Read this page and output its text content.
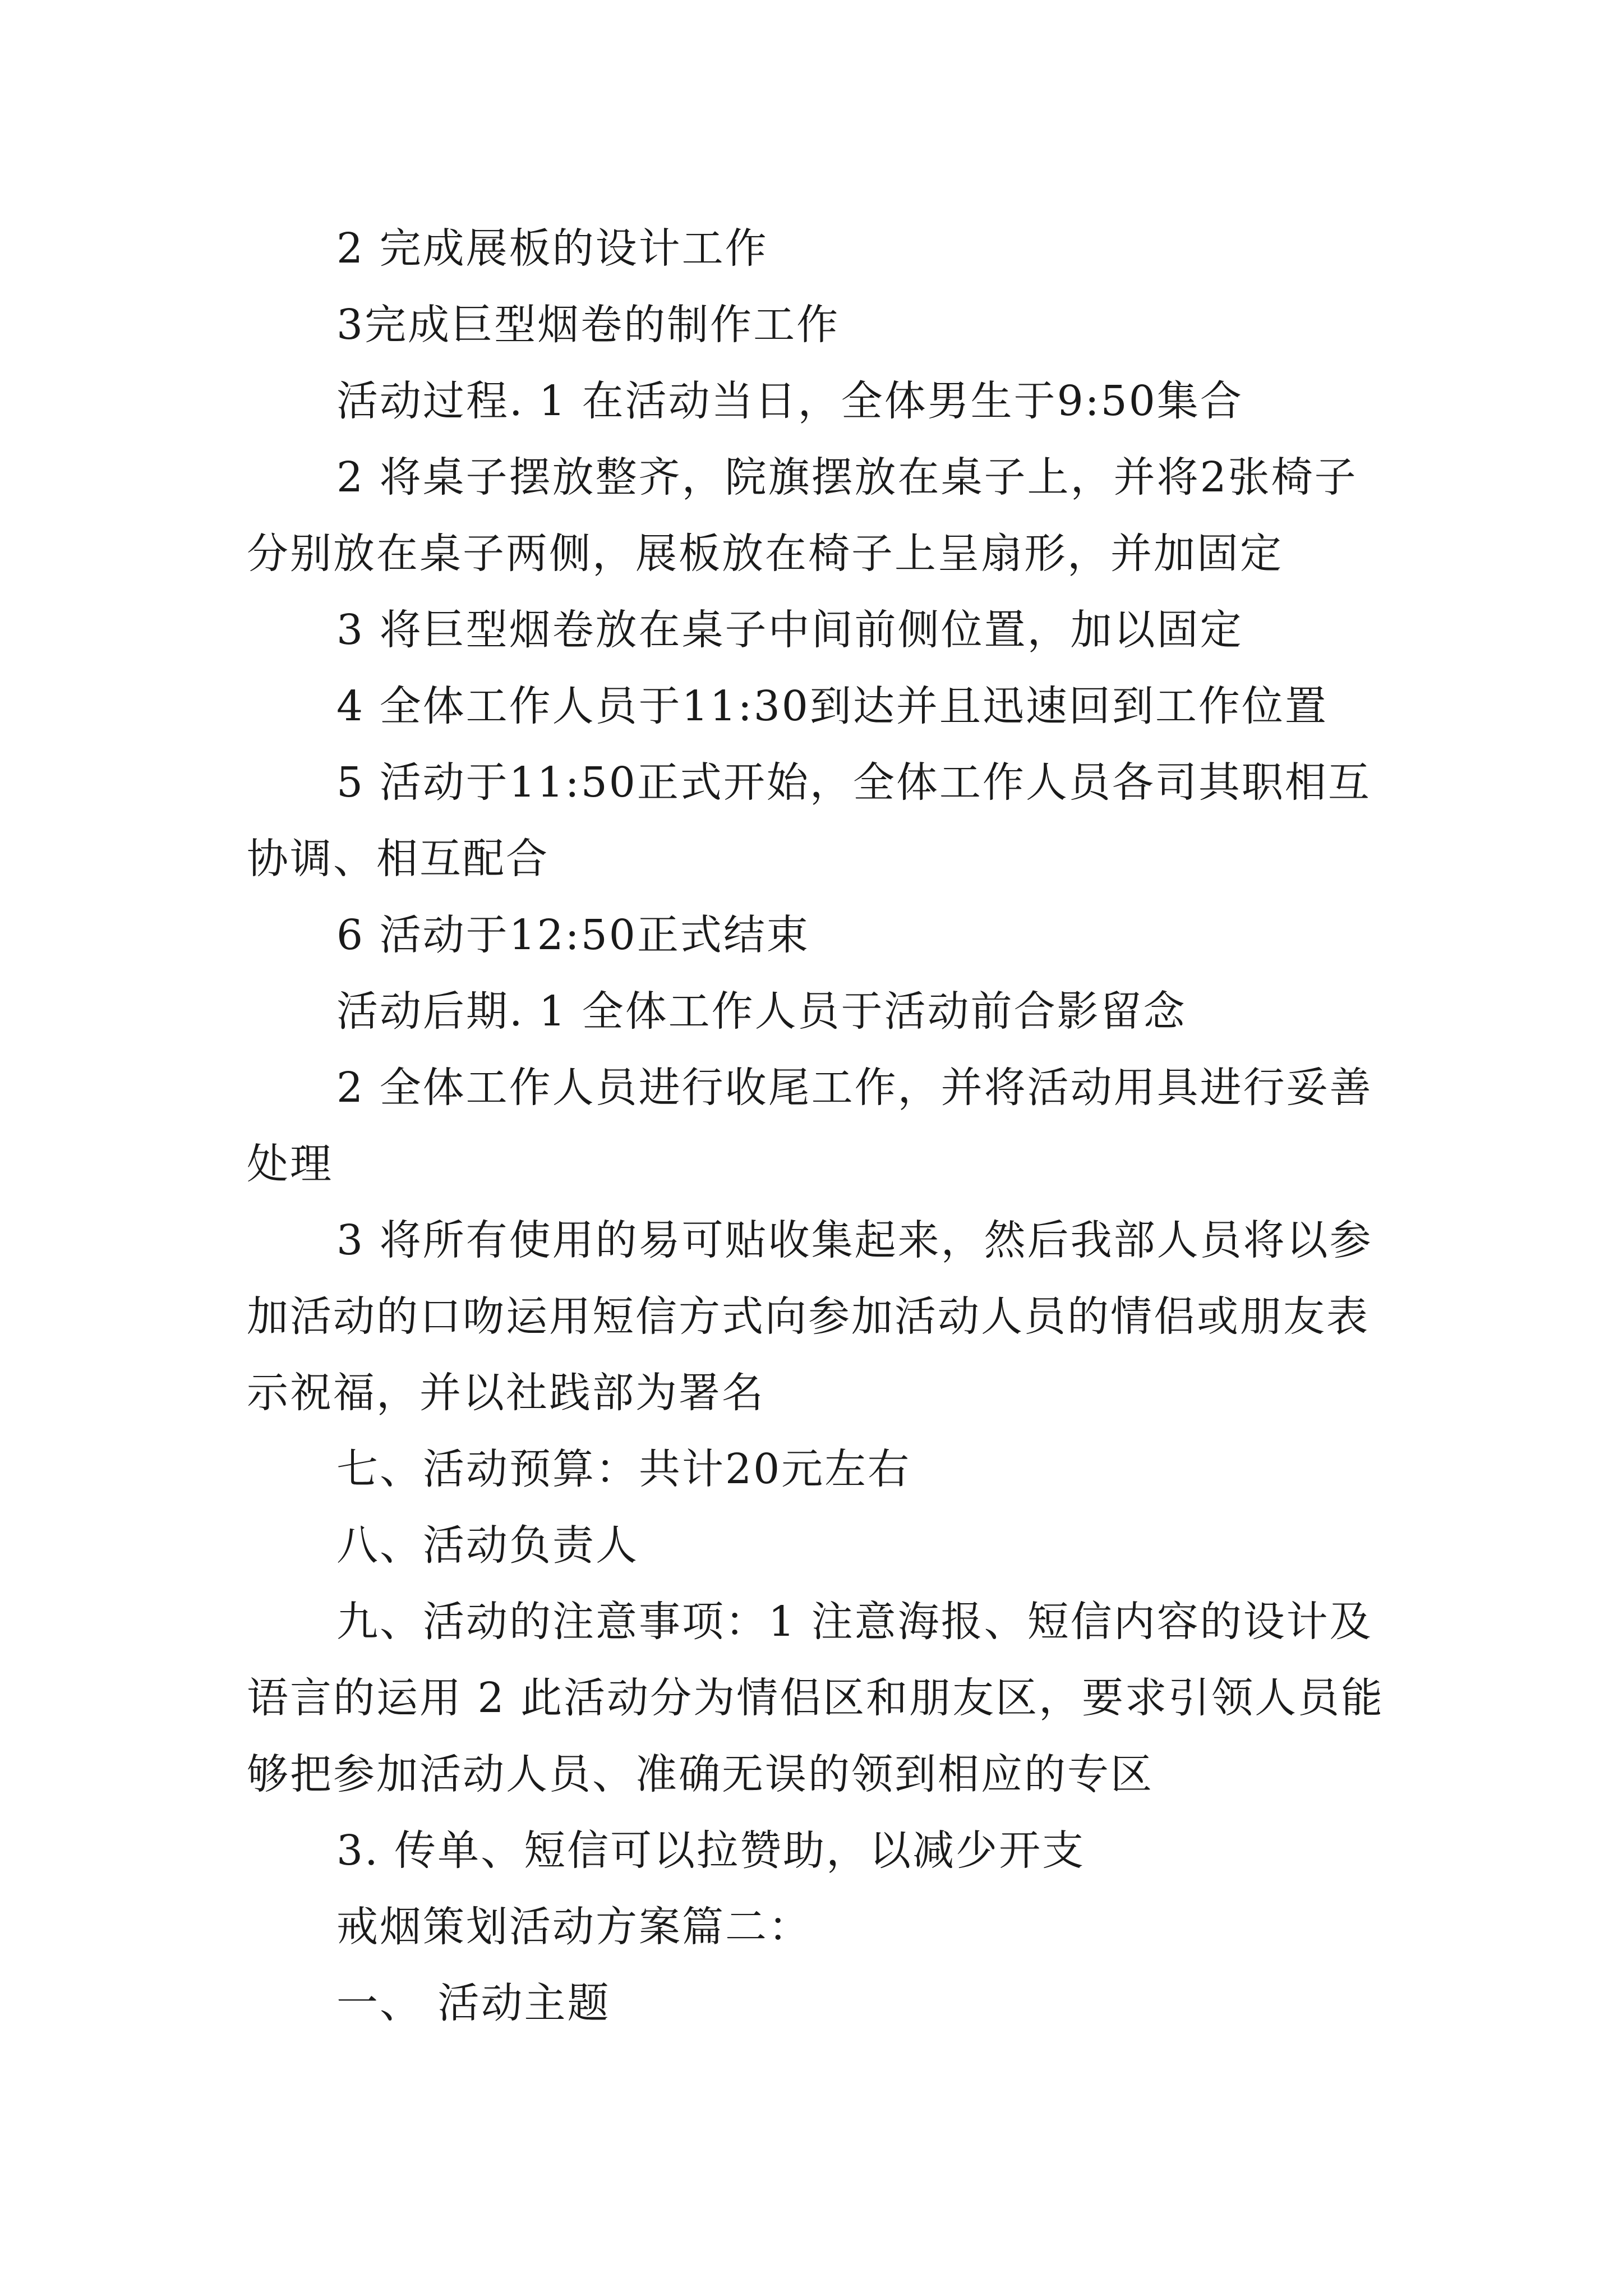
2 完成展板的设计工作

3完成巨型烟卷的制作工作

活动过程. 1 在活动当日，全体男生于9:50集合

2 将桌子摆放整齐，院旗摆放在桌子上，并将2张椅子分别放在桌子两侧，展板放在椅子上呈扇形，并加固定

3 将巨型烟卷放在桌子中间前侧位置，加以固定

4 全体工作人员于11:30到达并且迅速回到工作位置

5 活动于11:50正式开始，全体工作人员各司其职相互协调、相互配合

6 活动于12:50正式结束

活动后期. 1 全体工作人员于活动前合影留念

2 全体工作人员进行收尾工作，并将活动用具进行妥善处理

3 将所有使用的易可贴收集起来，然后我部人员将以参加活动的口吻运用短信方式向参加活动人员的情侣或朋友表示祝福，并以社践部为署名

七、活动预算：共计20元左右

八、活动负责人

九、活动的注意事项：1 注意海报、短信内容的设计及语言的运用 2 此活动分为情侣区和朋友区，要求引领人员能够把参加活动人员、准确无误的领到相应的专区

3. 传单、短信可以拉赞助，以减少开支

戒烟策划活动方案篇二：

一、 活动主题
